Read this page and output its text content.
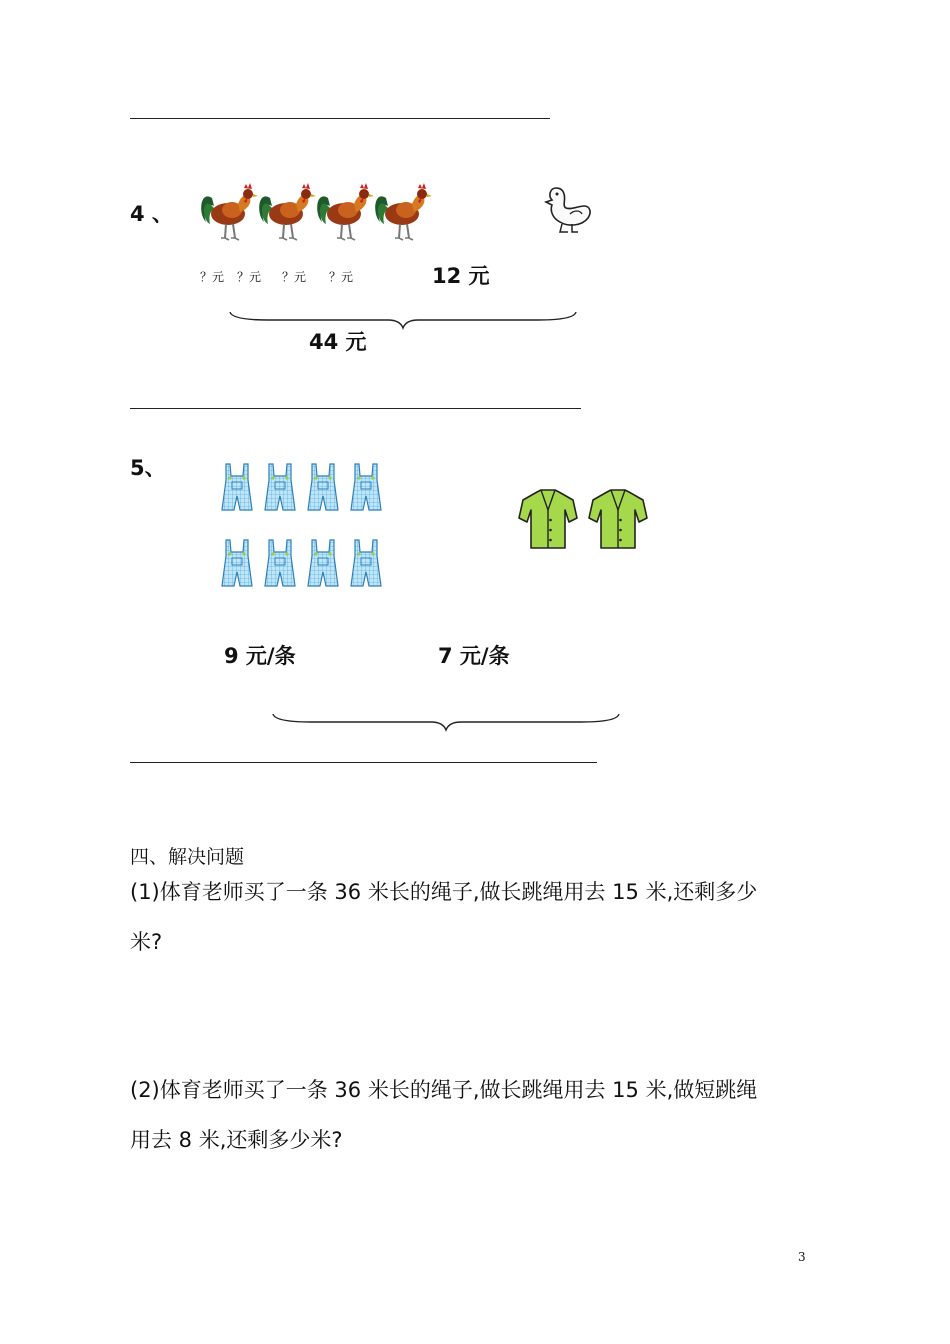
4 、
？元 ？元 ？元 ？元	12 元
44 元
5、
9 元/条	7 元/条
四、解决问题
(1)体育老师买了一条 36 米长的绳子,做长跳绳用去 15 米,还剩多少
米?
(2)体育老师买了一条 36 米长的绳子,做长跳绳用去 15 米,做短跳绳
用去 8 米,还剩多少米?
3
